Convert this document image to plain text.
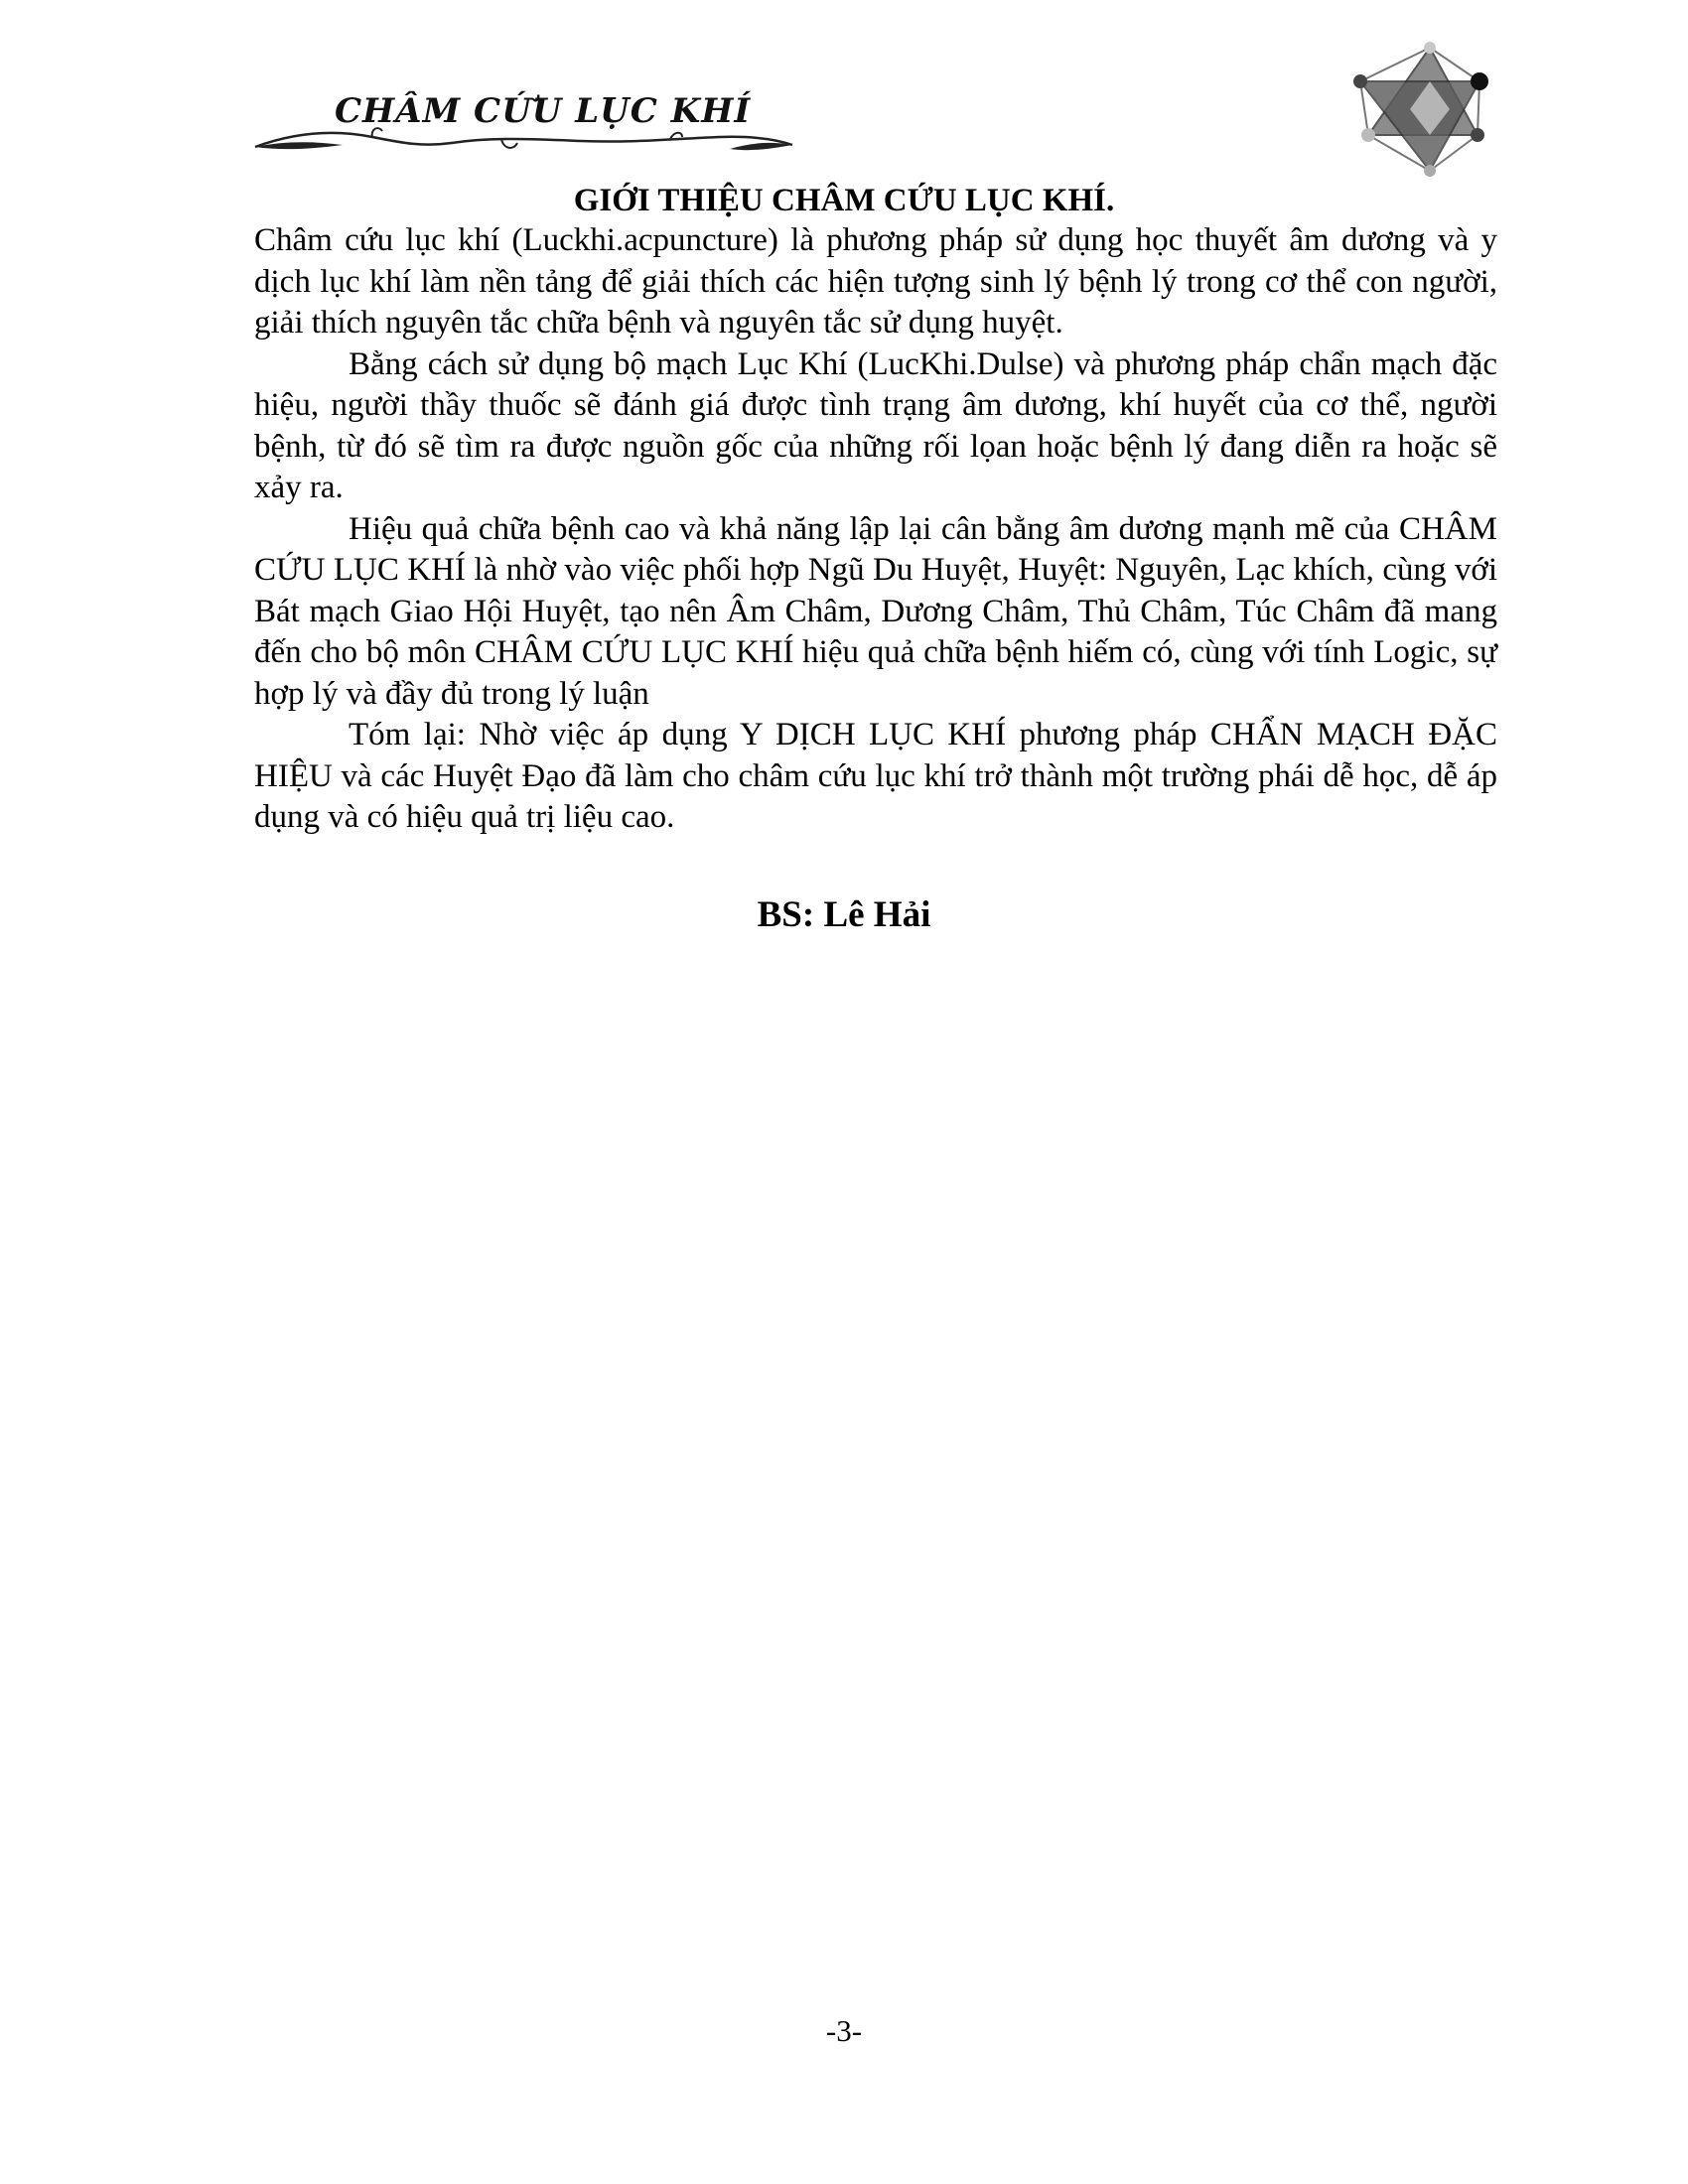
CHÂM CỨU LỤC KHÍ
GIỚI THIỆU CHÂM CỨU LỤC KHÍ.

Châm cứu lục khí (Luckhi.acpuncture) là phương pháp sử dụng học thuyết âm dương và y dịch lục khí làm nền tảng để giải thích các hiện tượng sinh lý bệnh lý trong cơ thể con người, giải thích nguyên tắc chữa bệnh và nguyên tắc sử dụng huyệt.

Bằng cách sử dụng bộ mạch Lục Khí (LucKhi.Dulse) và phương pháp chẩn mạch đặc hiệu, người thầy thuốc sẽ đánh giá được tình trạng âm dương, khí huyết của cơ thể, người bệnh, từ đó sẽ tìm ra được nguồn gốc của những rối lọan hoặc bệnh lý đang diễn ra hoặc sẽ xảy ra.

Hiệu quả chữa bệnh cao và khả năng lập lại cân bằng âm dương mạnh mẽ của CHÂM CỨU LỤC KHÍ là nhờ vào việc phối hợp Ngũ Du Huyệt, Huyệt: Nguyên, Lạc khích, cùng với Bát mạch Giao Hội Huyệt, tạo nên Âm Châm, Dương Châm, Thủ Châm, Túc Châm đã mang đến cho bộ môn CHÂM CỨU LỤC KHÍ hiệu quả chữa bệnh hiếm có, cùng với tính Logic, sự hợp lý và đầy đủ trong lý luận

Tóm lại: Nhờ việc áp dụng Y DỊCH LỤC KHÍ phương pháp CHẨN MẠCH ĐẶC HIỆU và các Huyệt Đạo đã làm cho châm cứu lục khí trở thành một trường phái dễ học, dễ áp dụng và có hiệu quả trị liệu cao.

BS: Lê Hải
-3-
